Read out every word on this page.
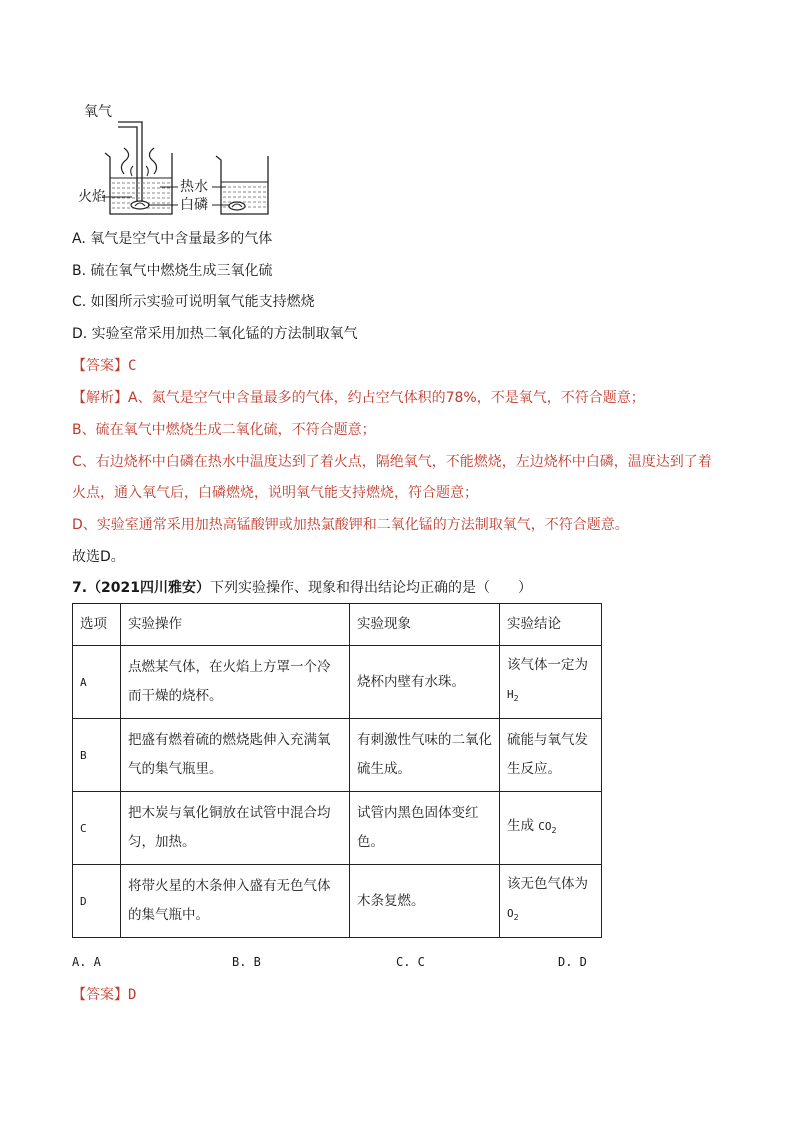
氧气
火焰
热水
白磷
A. 氧气是空气中含量最多的气体
B. 硫在氧气中燃烧生成三氧化硫
C. 如图所示实验可说明氧气能支持燃烧
D. 实验室常采用加热二氧化锰的方法制取氧气
【答案】C
【解析】A、氮气是空气中含量最多的气体，约占空气体积的78%，不是氧气，不符合题意；
B、硫在氧气中燃烧生成二氧化硫，不符合题意；
C、右边烧杯中白磷在热水中温度达到了着火点，隔绝氧气，不能燃烧，左边烧杯中白磷，温度达到了着
火点，通入氧气后，白磷燃烧，说明氧气能支持燃烧，符合题意；
D、实验室通常采用加热高锰酸钾或加热氯酸钾和二氧化锰的方法制取氧气，不符合题意。
故选D。
7.（2021四川雅安）下列实验操作、现象和得出结论均正确的是（　　）
选项	实验操作	实验现象	实验结论
A	点燃某气体，在火焰上方罩一个冷而干燥的烧杯。	烧杯内壁有水珠。	该气体一定为
$H_2$
B	把盛有燃着硫的燃烧匙伸入充满氧气的集气瓶里。	有刺激性气味的二氧化硫生成。	硫能与氧气发生反应。
C	把木炭与氧化铜放在试管中混合均匀，加热。	试管内黑色固体变红色。	生成 $CO_2$
D	将带火星的木条伸入盛有无色气体的集气瓶中。	木条复燃。	该无色气体为
$O_2$
A. A	B. B	C. C	D. D
【答案】D
